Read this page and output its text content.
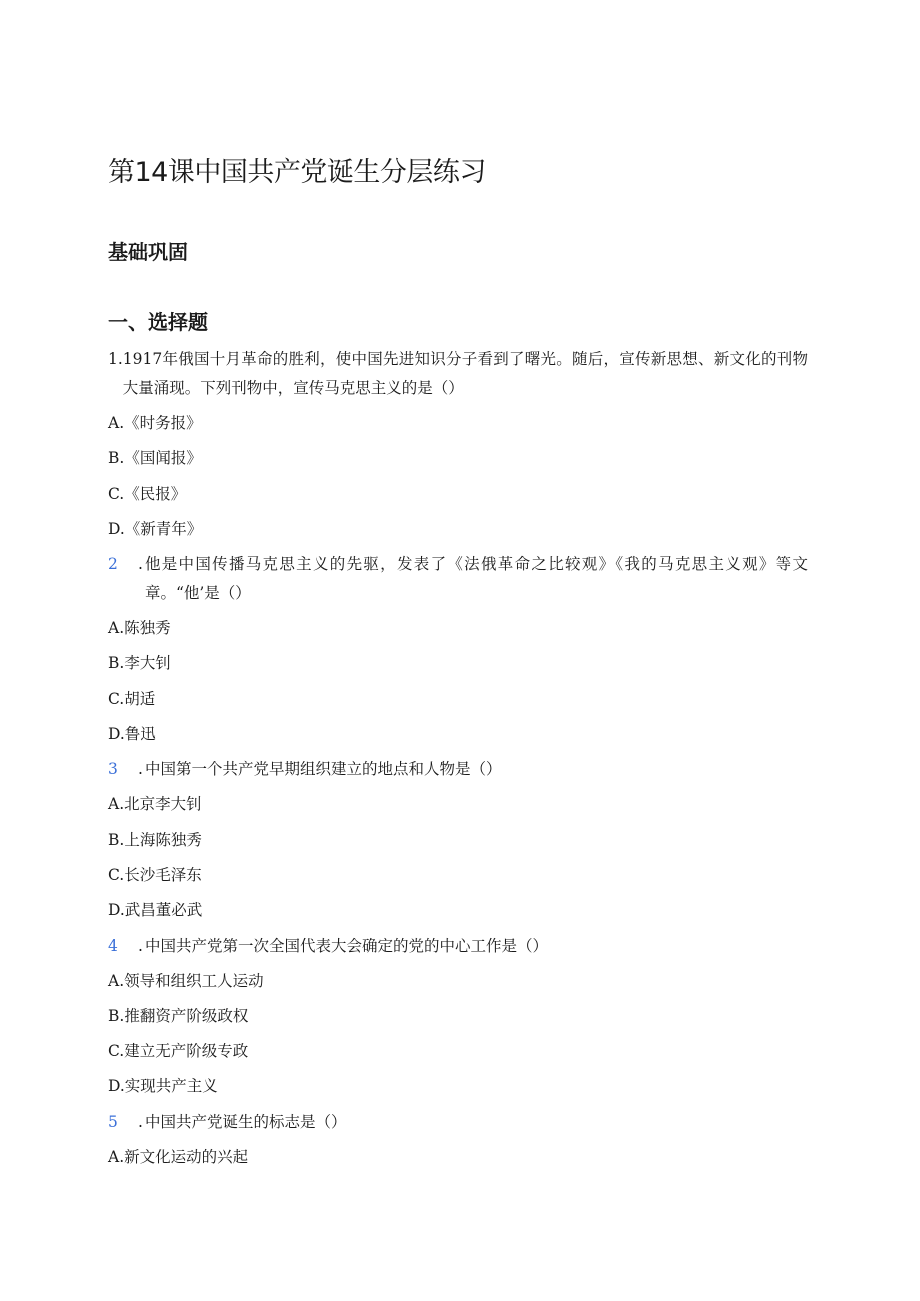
第14课中国共产党诞生分层练习
基础巩固
一、选择题
1. 1917年俄国十月革命的胜利，使中国先进知识分子看到了曙光。随后，宣传新思想、新文化的刊物大量涌现。下列刊物中，宣传马克思主义的是（）
A.《时务报》
B.《国闻报》
C.《民报》
D.《新青年》
2	. 他是中国传播马克思主义的先驱，发表了《法俄革命之比较观》《我的马克思主义观》等文章。“他’是（）
A.陈独秀
B.李大钊
C.胡适
D.鲁迅
3	. 中国第一个共产党早期组织建立的地点和人物是（）
A.北京李大钊
B.上海陈独秀
C.长沙毛泽东
D.武昌董必武
4	. 中国共产党第一次全国代表大会确定的党的中心工作是（）
A.领导和组织工人运动
B.推翻资产阶级政权
C.建立无产阶级专政
D.实现共产主义
5	. 中国共产党诞生的标志是（）
A.新文化运动的兴起
